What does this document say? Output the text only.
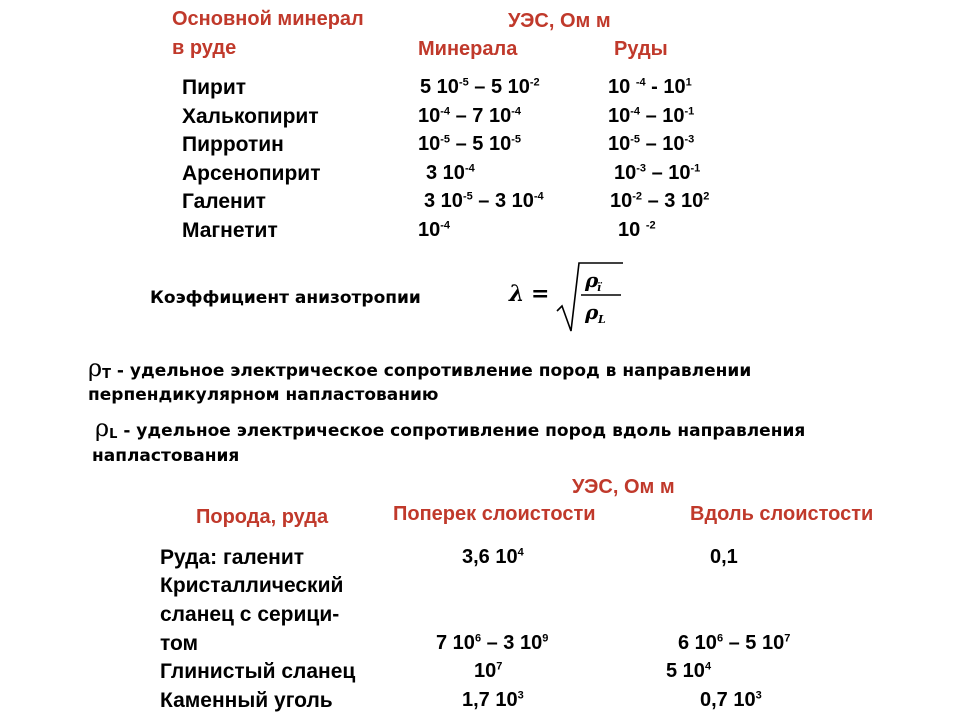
Основной минерал
в руде
УЭС, Ом м
Минерала	Руды
Коэффициент анизотропии	λ =
ρ
ï
ρ L
$\rho_T$ - удельное электрическое сопротивление пород в направлении
перпендикулярном напластованию
$\rho_L$ - удельное электрическое сопротивление пород вдоль направления
напластования
УЭС, Ом м
Порода, руда	Поперек слоистости	Вдоль слоистости
Пирит	5 $10^{-5} - 5$ $10^{-2}$	10 $^{-4} - 10^1$
Халькопирит	$10^{-4} - 7$ $10^{-4}$	$10^{-4} - 10^{-1}$
Пирротин	$10^{-5} - 5$ $10^{-5}$	$10^{-5} - 10^{-3}$
Арсенопирит	3 $10^{-4}$	$10^{-3} - 10^{-1}$
Галенит	3 $10^{-5} - 3$ $10^{-4}$	$10^{-2} - 3$ $10^2$
Магнетит	$10^{-4}$	10 $^{-2}$
Руда: галенит	3,6 $10^4$	0,1
Кристаллический
сланец с серици-
том	7 $10^6 - 3$ $10^9$	6 $10^6 - 5$ $10^7$
Глинистый сланец	$10^7$	5 $10^4$
Каменный уголь	1,7 $10^3$	0,7 $10^3$
